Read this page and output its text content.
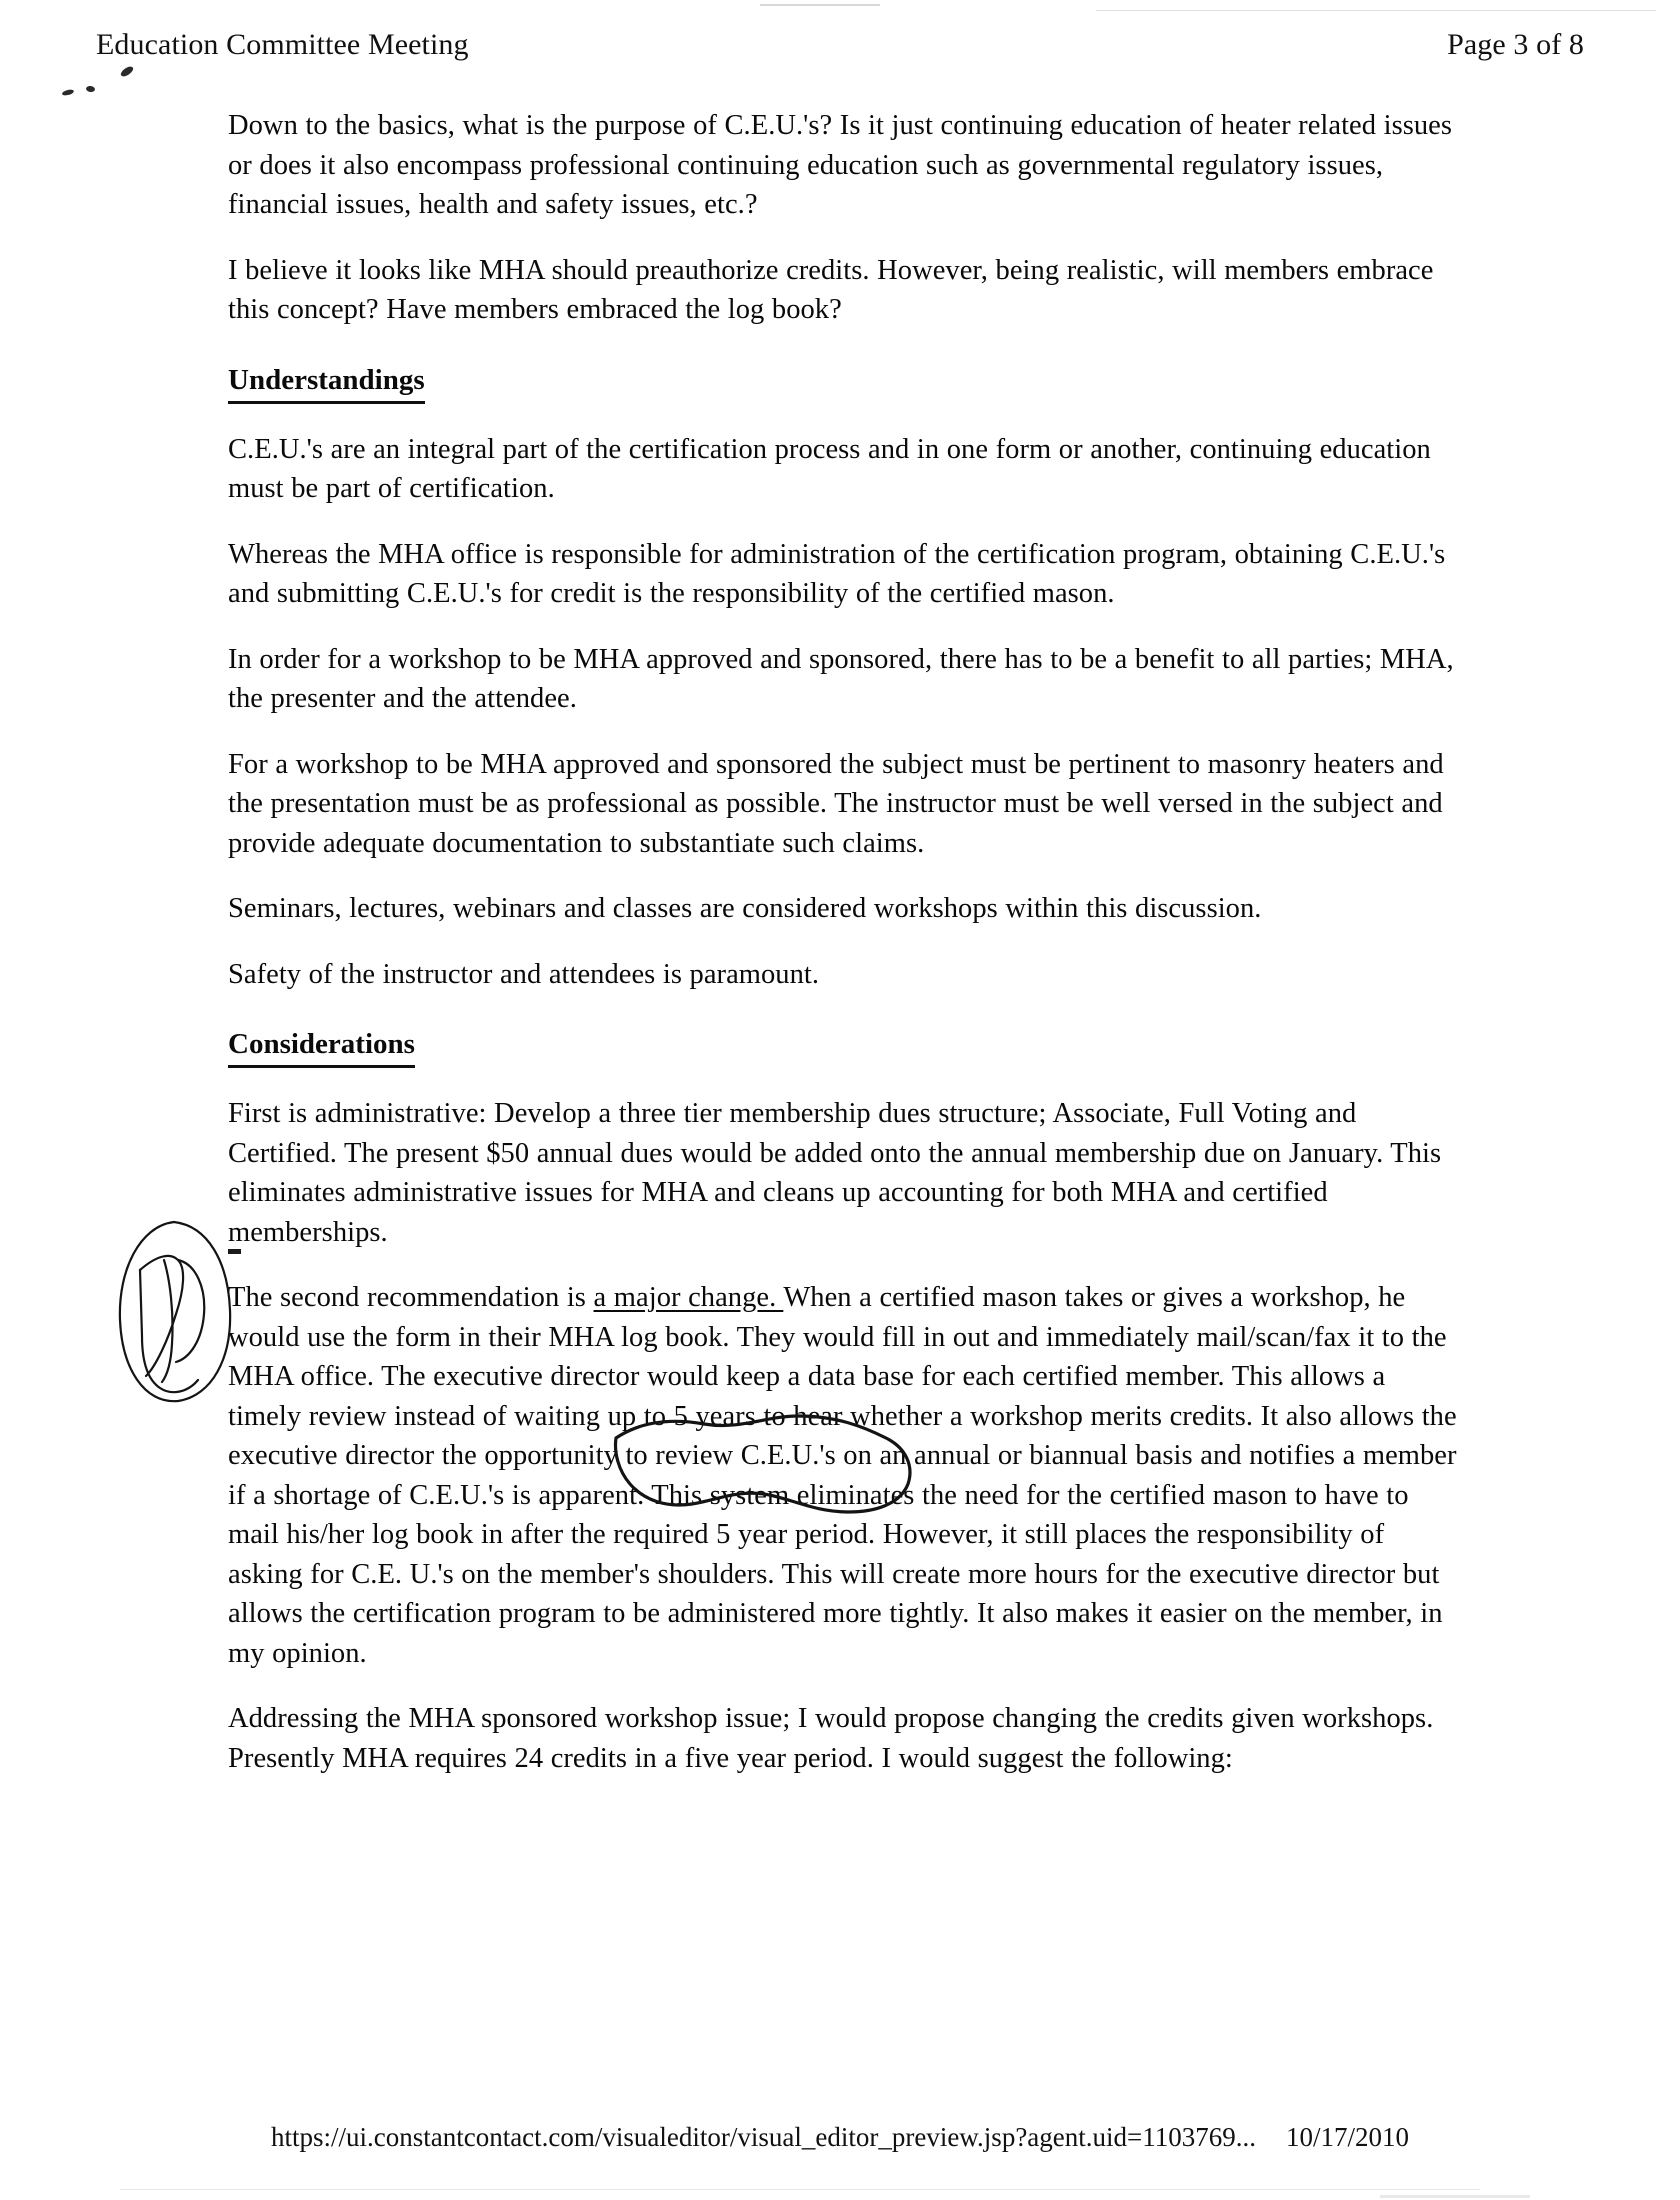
Education Committee Meeting	Page 3 of 8

Down to the basics, what is the purpose of C.E.U.'s? Is it just continuing education of heater related issues or does it also encompass professional continuing education such as governmental regulatory issues, financial issues, health and safety issues, etc.?

I believe it looks like MHA should preauthorize credits. However, being realistic, will members embrace this concept? Have members embraced the log book?

Understandings

C.E.U.'s are an integral part of the certification process and in one form or another, continuing education must be part of certification.

Whereas the MHA office is responsible for administration of the certification program, obtaining C.E.U.'s and submitting C.E.U.'s for credit is the responsibility of the certified mason.

In order for a workshop to be MHA approved and sponsored, there has to be a benefit to all parties; MHA, the presenter and the attendee.

For a workshop to be MHA approved and sponsored the subject must be pertinent to masonry heaters and the presentation must be as professional as possible. The instructor must be well versed in the subject and provide adequate documentation to substantiate such claims.

Seminars, lectures, webinars and classes are considered workshops within this discussion.

Safety of the instructor and attendees is paramount.

Considerations

First is administrative: Develop a three tier membership dues structure; Associate, Full Voting and Certified. The present $50 annual dues would be added onto the annual membership due on January. This eliminates administrative issues for MHA and cleans up accounting for both MHA and certified memberships.

The second recommendation is a major change. When a certified mason takes or gives a workshop, he would use the form in their MHA log book. They would fill in out and immediately mail/scan/fax it to the MHA office. The executive director would keep a data base for each certified member. This allows a timely review instead of waiting up to 5 years to hear whether a workshop merits credits. It also allows the executive director the opportunity to review C.E.U.'s on an annual or biannual basis and notifies a member if a shortage of C.E.U.'s is apparent. This system eliminates the need for the certified mason to have to mail his/her log book in after the required 5 year period. However, it still places the responsibility of asking for C.E. U.'s on the member's shoulders. This will create more hours for the executive director but allows the certification program to be administered more tightly. It also makes it easier on the member, in my opinion.

Addressing the MHA sponsored workshop issue; I would propose changing the credits given workshops. Presently MHA requires 24 credits in a five year period. I would suggest the following:

https://ui.constantcontact.com/visualeditor/visual_editor_preview.jsp?agent.uid=1103769... 10/17/2010
